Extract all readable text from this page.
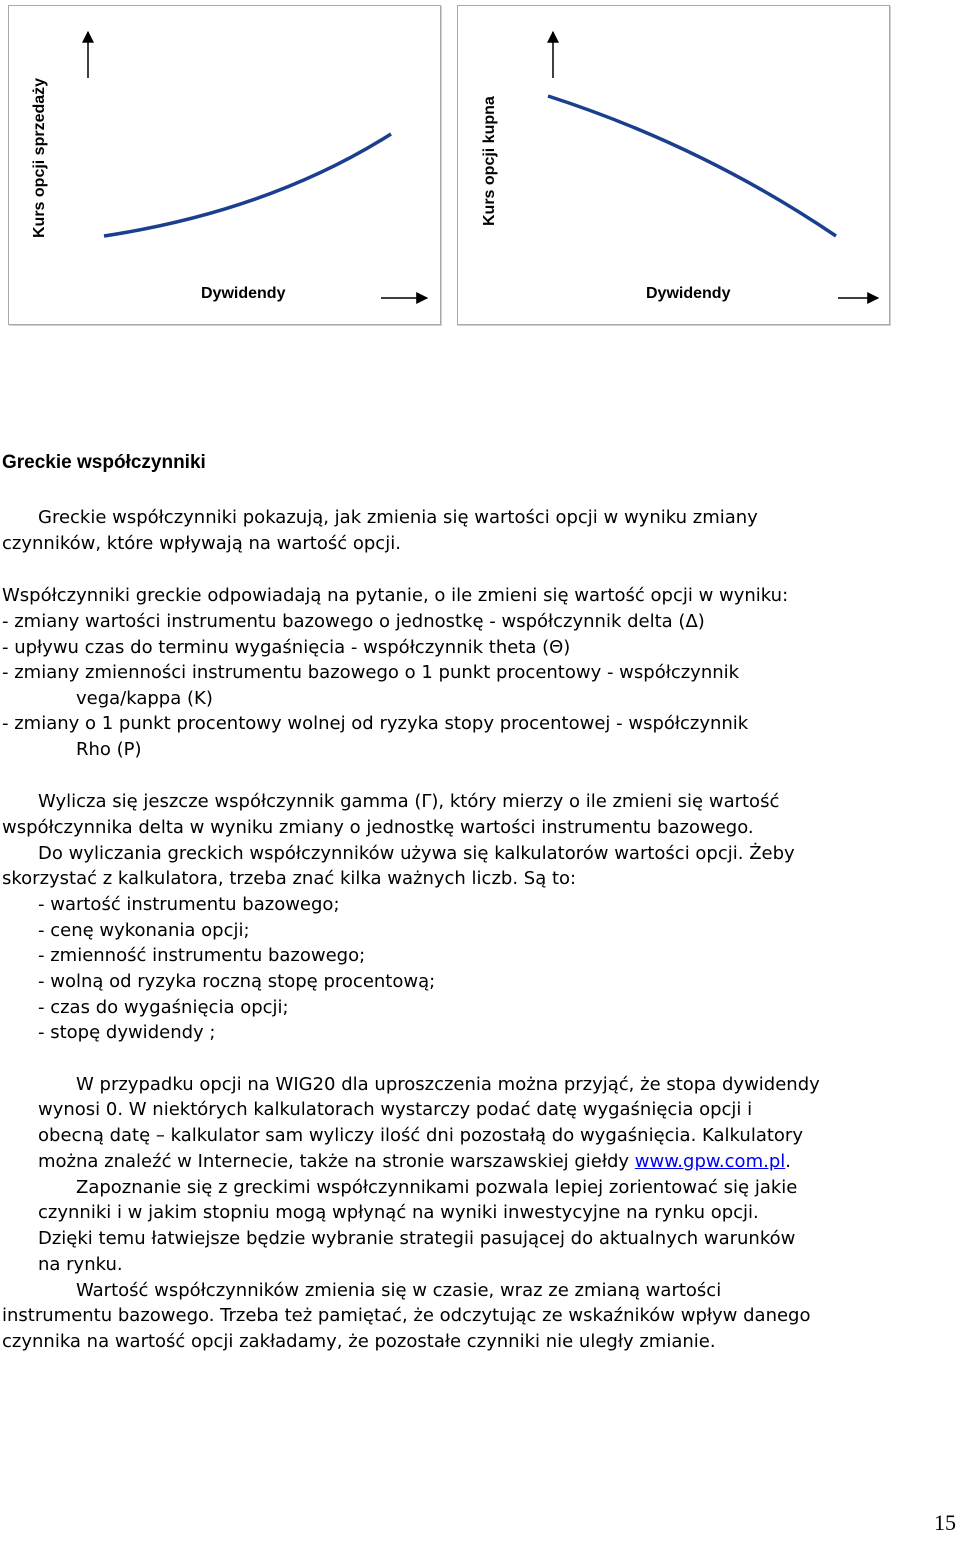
Kurs opcji sprzedaży
Dywidendy
Kurs opcji kupna
Dywidendy
Greckie współczynniki
Greckie współczynniki pokazują, jak zmienia się wartości opcji w wyniku zmiany
czynników, które wpływają na wartość opcji.
Współczynniki greckie odpowiadają na pytanie, o ile zmieni się wartość opcji w wyniku:
- zmiany wartości instrumentu bazowego o jednostkę - współczynnik delta (Δ)
- upływu czas do terminu wygaśnięcia - współczynnik theta (Θ)
- zmiany zmienności instrumentu bazowego o 1 punkt procentowy - współczynnik
vega/kappa (K)
- zmiany o 1 punkt procentowy wolnej od ryzyka stopy procentowej - współczynnik
Rho (P)
Wylicza się jeszcze współczynnik gamma (Γ), który mierzy o ile zmieni się wartość
współczynnika delta w wyniku zmiany o jednostkę wartości instrumentu bazowego.
Do wyliczania greckich współczynników używa się kalkulatorów wartości opcji. Żeby
skorzystać z kalkulatora, trzeba znać kilka ważnych liczb. Są to:
- wartość instrumentu bazowego;
- cenę wykonania opcji;
- zmienność instrumentu bazowego;
- wolną od ryzyka roczną stopę procentową;
- czas do wygaśnięcia opcji;
- stopę dywidendy ;
W przypadku opcji na WIG20 dla uproszczenia można przyjąć, że stopa dywidendy
wynosi 0. W niektórych kalkulatorach wystarczy podać datę wygaśnięcia opcji i
obecną datę – kalkulator sam wyliczy ilość dni pozostałą do wygaśnięcia. Kalkulatory
można znaleźć w Internecie, także na stronie warszawskiej giełdy www.gpw.com.pl.
Zapoznanie się z greckimi współczynnikami pozwala lepiej zorientować się jakie
czynniki i w jakim stopniu mogą wpłynąć na wyniki inwestycyjne na rynku opcji.
Dzięki temu łatwiejsze będzie wybranie strategii pasującej do aktualnych warunków
na rynku.
Wartość współczynników zmienia się w czasie, wraz ze zmianą wartości
instrumentu bazowego. Trzeba też pamiętać, że odczytując ze wskaźników wpływ danego
czynnika na wartość opcji zakładamy, że pozostałe czynniki nie uległy zmianie.
15
